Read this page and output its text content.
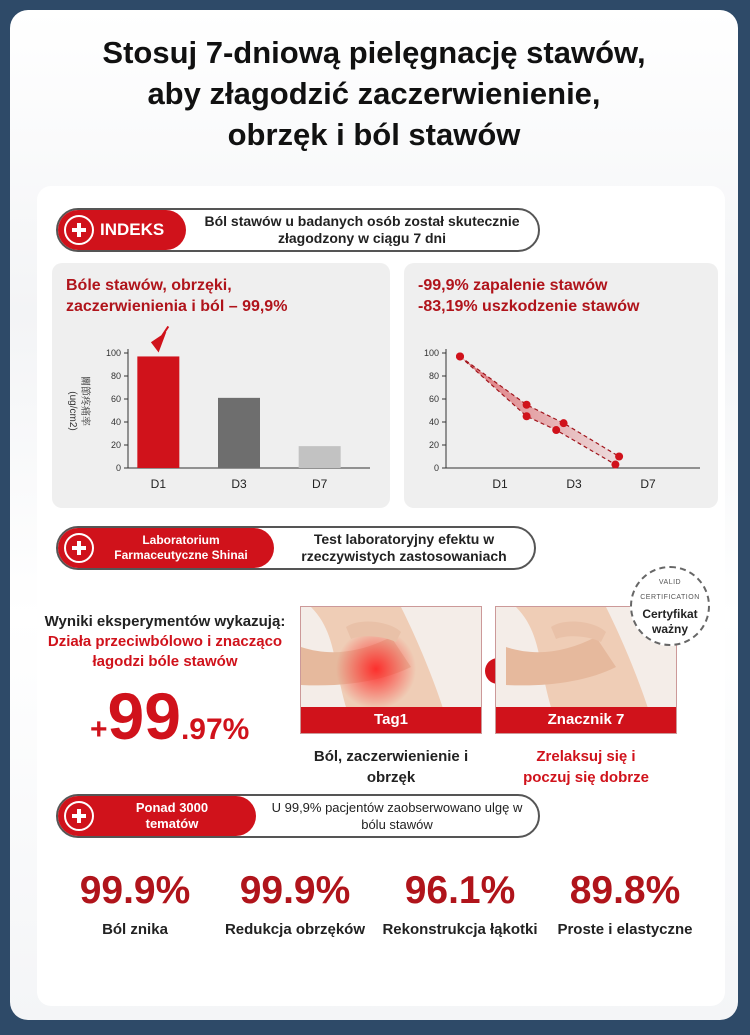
Stosuj 7-dniową pielęgnację stawów,
aby złagodzić zaczerwienienie,
obrzęk i ból stawów
INDEKS	Ból stawów u badanych osób został skutecznie
złagodzony w ciągu 7 dni
Bóle stawów, obrzęki,
zaczerwienienia i ból – 99,9%
0
20
40
60
80
100
關節疼痛率
(ug/cm2)
D1	D3	D7
-99,9% zapalenie stawów
-83,19% uszkodzenie stawów
0
20
40
60
80
100
D1	D3	D7
Laboratorium
Farmaceutyczne Shinai
Test laboratoryjny efektu w
rzeczywistych zastosowaniach
Wyniki eksperymentów wykazują:
Działa przeciwbólowo i znacząco
łagodzi bóle stawów
+99.97%	Tag1	Znacznik 7
VALID CERTIFICATION
Certyfikat
ważny
Ból, zaczerwienienie i
obrzęk
Zrelaksuj się i
poczuj się dobrze
Ponad 3000
tematów
U 99,9% pacjentów zaobserwowano ulgę w
bólu stawów
99.9%
Ból znika
99.9%
Redukcja obrzęków
96.1%
Rekonstrukcja łąkotki
89.8%
Proste i elastyczne
